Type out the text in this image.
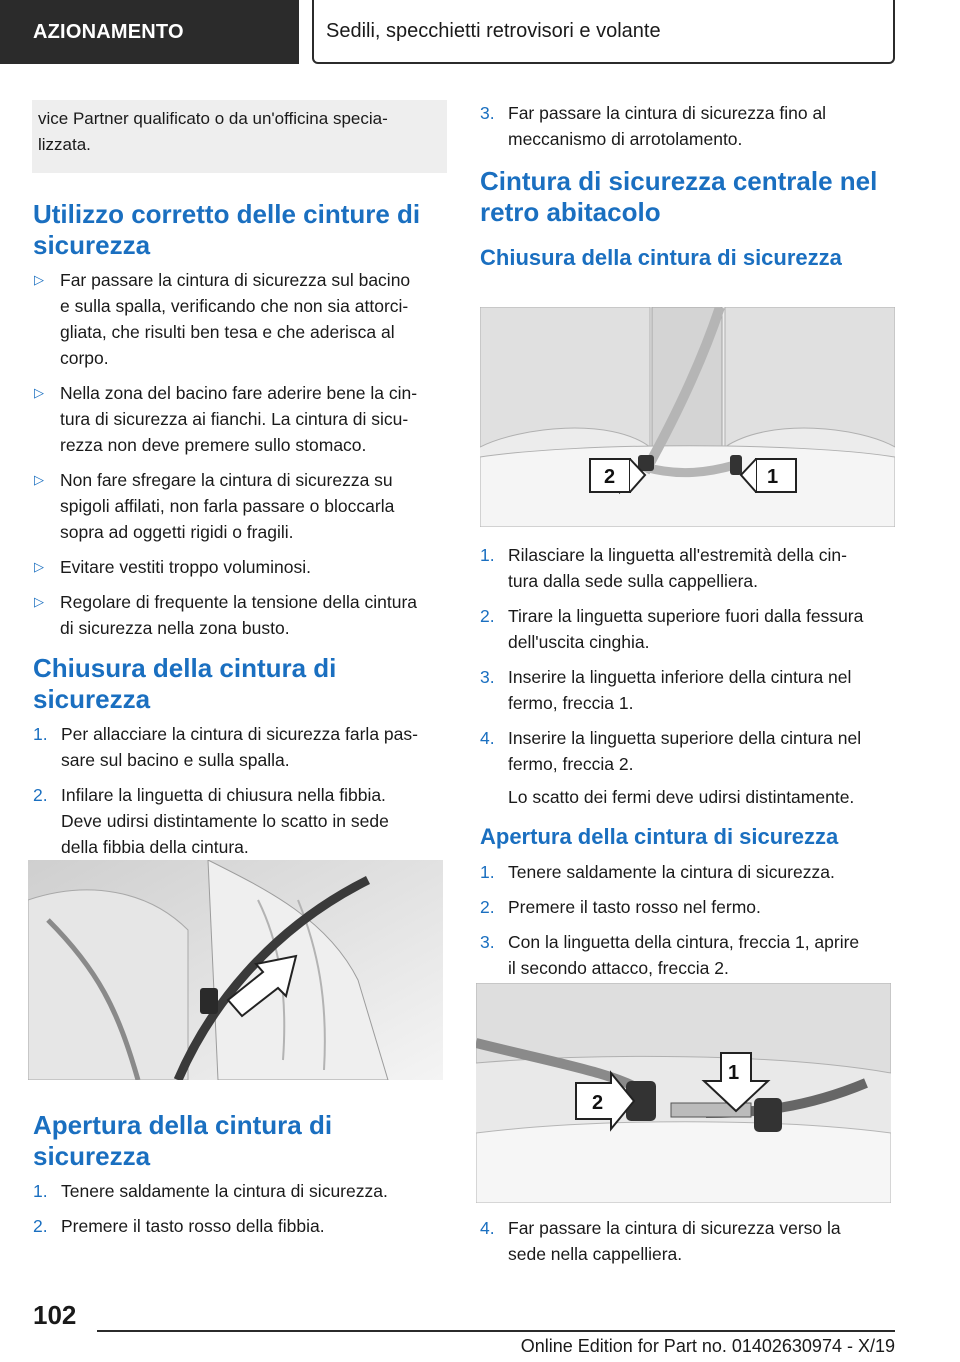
AZIONAMENTO	Sedili, specchietti retrovisori e volante
vice Partner qualificato o da un'officina specia- lizzata.
Utilizzo corretto delle cinture di
sicurezza
▷ Far passare la cintura di sicurezza sul bacino
e sulla spalla, verificando che non sia attorci-
gliata, che risulti ben tesa e che aderisca al
corpo.
▷ Nella zona del bacino fare aderire bene la cin-
tura di sicurezza ai fianchi. La cintura di sicu-
rezza non deve premere sullo stomaco.
▷ Non fare sfregare la cintura di sicurezza su
spigoli affilati, non farla passare o bloccarla
sopra ad oggetti rigidi o fragili.
▷ Evitare vestiti troppo voluminosi.
▷ Regolare di frequente la tensione della cintura
di sicurezza nella zona busto.
Chiusura della cintura di
sicurezza
1. Per allacciare la cintura di sicurezza farla pas-
sare sul bacino e sulla spalla.
2. Infilare la linguetta di chiusura nella fibbia.
Deve udirsi distintamente lo scatto in sede
della fibbia della cintura.
Apertura della cintura di
sicurezza
1. Tenere saldamente la cintura di sicurezza.
2. Premere il tasto rosso della fibbia.
3. Far passare la cintura di sicurezza fino al
meccanismo di arrotolamento.
Cintura di sicurezza centrale nel
retro abitacolo
Chiusura della cintura di sicurezza
2	1
1. Rilasciare la linguetta all'estremità della cin-
tura dalla sede sulla cappelliera.
2. Tirare la linguetta superiore fuori dalla fessura
dell'uscita cinghia.
3. Inserire la linguetta inferiore della cintura nel
fermo, freccia 1.
4. Inserire la linguetta superiore della cintura nel
fermo, freccia 2.
Lo scatto dei fermi deve udirsi distintamente.
Apertura della cintura di sicurezza
1. Tenere saldamente la cintura di sicurezza.
2. Premere il tasto rosso nel fermo.
3. Con la linguetta della cintura, freccia 1, aprire
il secondo attacco, freccia 2.
1
2
4. Far passare la cintura di sicurezza verso la
sede nella cappelliera.
102
Online Edition for Part no. 01402630974 - X/19
